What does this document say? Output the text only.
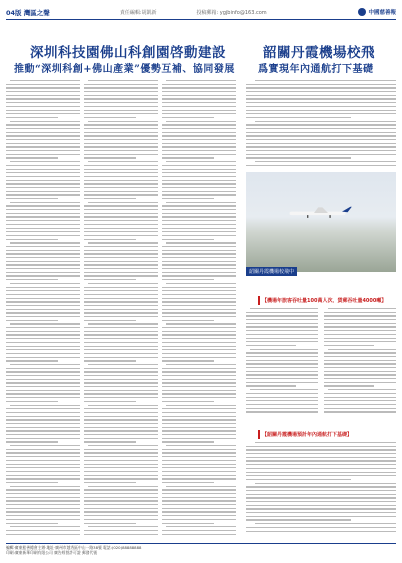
04版 灣區之聲	責任編輯:胡凱新	投稿郵箱: ygjbinfo@163.com	中國慈善報
深圳科技園佛山科創園啓動建設
推動“深圳科創+佛山產業”優勢互補、協同發展
韶關丹霞機場校飛
爲實現年內通航打下基礎
韶關丹霞機場校飛中
【機場年旅客吞吐量100萬人次、貨郵吞吐量4000噸】
【韶關丹霞機場預計年內通航打下基礎】
編輯·廣東慈善總會主辦·地址·廣州市越秀區中山一路38號 電話:(020)88888888
印刷:廣東新華印刷有限公司 廣告經營許可證 郵發代號
